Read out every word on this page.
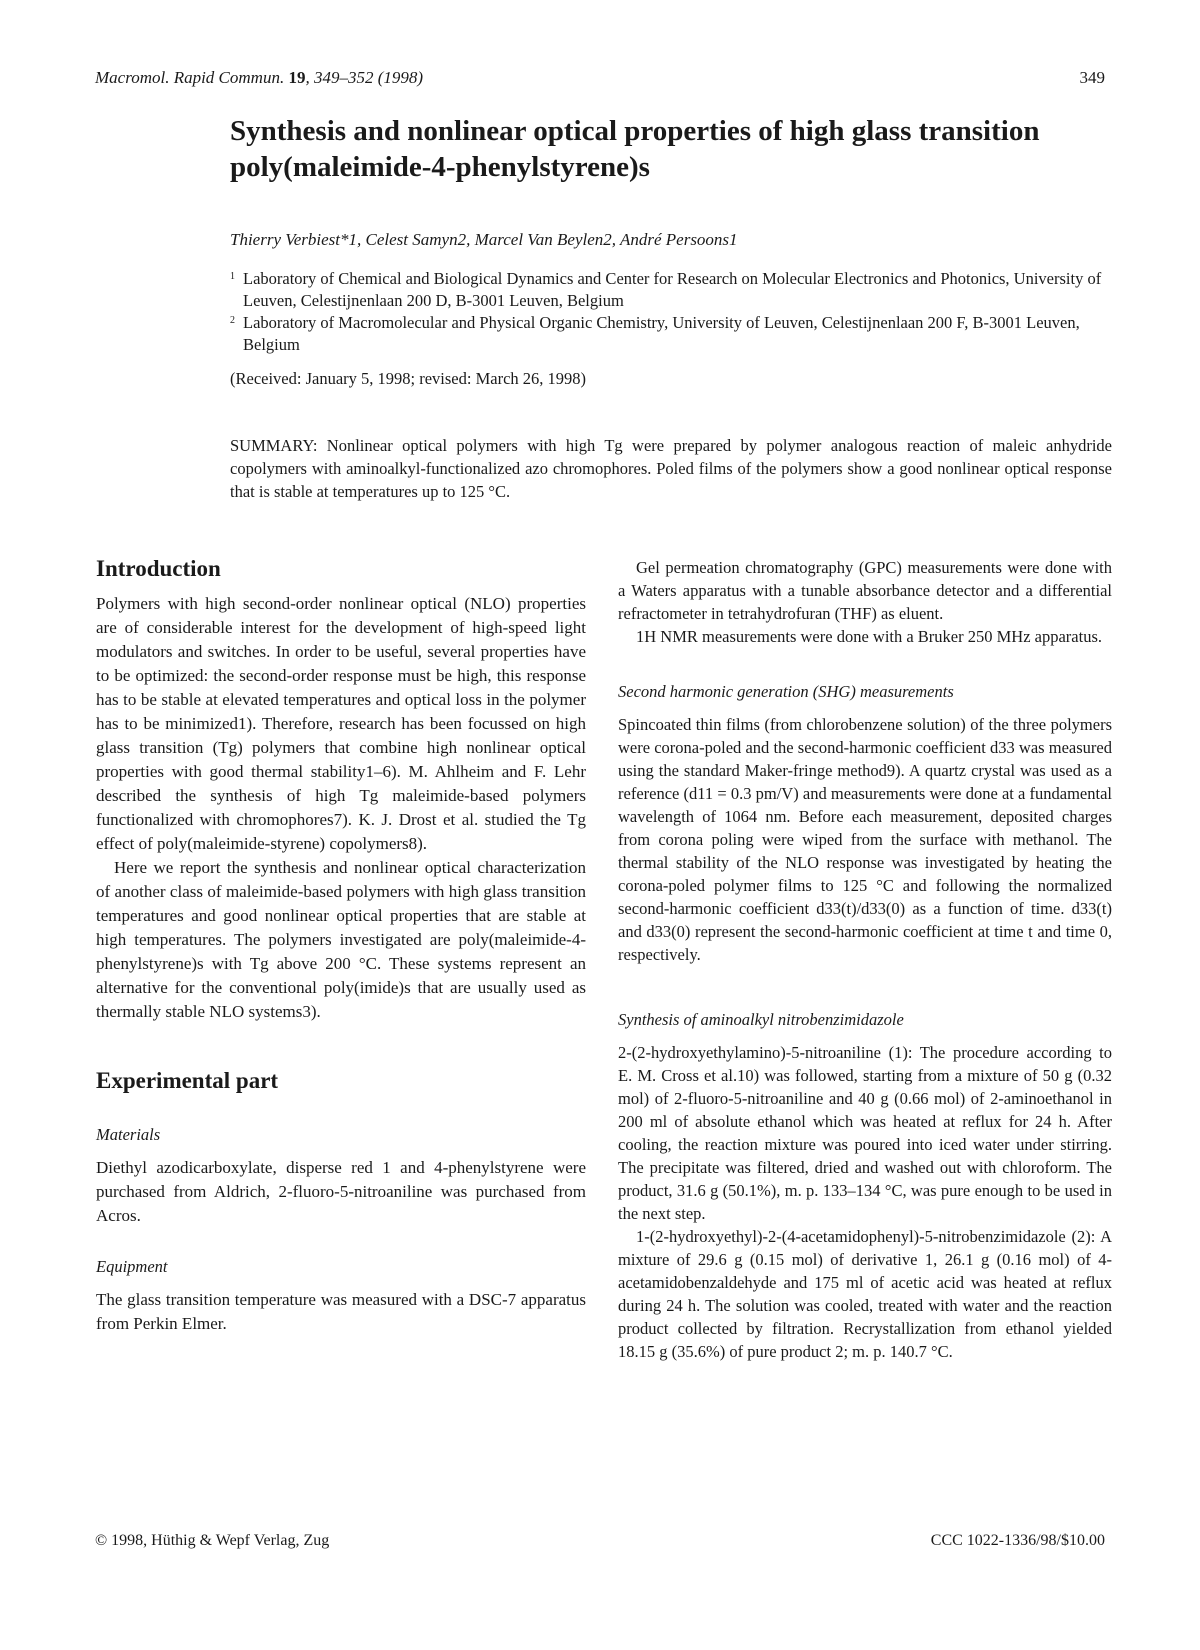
Macromol. Rapid Commun. 19, 349–352 (1998)	349
Synthesis and nonlinear optical properties of high glass transition poly(maleimide-4-phenylstyrene)s
Thierry Verbiest*1, Celest Samyn2, Marcel Van Beylen2, André Persoons1
1 Laboratory of Chemical and Biological Dynamics and Center for Research on Molecular Electronics and Photonics, University of Leuven, Celestijnenlaan 200 D, B-3001 Leuven, Belgium
2 Laboratory of Macromolecular and Physical Organic Chemistry, University of Leuven, Celestijnenlaan 200 F, B-3001 Leuven, Belgium
(Received: January 5, 1998; revised: March 26, 1998)
SUMMARY: Nonlinear optical polymers with high Tg were prepared by polymer analogous reaction of maleic anhydride copolymers with aminoalkyl-functionalized azo chromophores. Poled films of the polymers show a good nonlinear optical response that is stable at temperatures up to 125 °C.
Introduction

Polymers with high second-order nonlinear optical (NLO) properties are of considerable interest for the development of high-speed light modulators and switches. In order to be useful, several properties have to be optimized: the second-order response must be high, this response has to be stable at elevated temperatures and optical loss in the polymer has to be minimized1). Therefore, research has been focussed on high glass transition (Tg) polymers that combine high nonlinear optical properties with good thermal stability1–6). M. Ahlheim and F. Lehr described the synthesis of high Tg maleimide-based polymers functionalized with chromophores7). K. J. Drost et al. studied the Tg effect of poly(maleimide-styrene) copolymers8).

Here we report the synthesis and nonlinear optical characterization of another class of maleimide-based polymers with high glass transition temperatures and good nonlinear optical properties that are stable at high temperatures. The polymers investigated are poly(maleimide-4-phenylstyrene)s with Tg above 200 °C. These systems represent an alternative for the conventional poly(imide)s that are usually used as thermally stable NLO systems3).

Experimental part
Materials

Diethyl azodicarboxylate, disperse red 1 and 4-phenylstyrene were purchased from Aldrich, 2-fluoro-5-nitroaniline was purchased from Acros.

Equipment

The glass transition temperature was measured with a DSC-7 apparatus from Perkin Elmer.

Gel permeation chromatography (GPC) measurements were done with a Waters apparatus with a tunable absorbance detector and a differential refractometer in tetrahydrofuran (THF) as eluent.

1H NMR measurements were done with a Bruker 250 MHz apparatus.

Second harmonic generation (SHG) measurements

Spincoated thin films (from chlorobenzene solution) of the three polymers were corona-poled and the second-harmonic coefficient d33 was measured using the standard Maker-fringe method9). A quartz crystal was used as a reference (d11 = 0.3 pm/V) and measurements were done at a fundamental wavelength of 1064 nm. Before each measurement, deposited charges from corona poling were wiped from the surface with methanol. The thermal stability of the NLO response was investigated by heating the corona-poled polymer films to 125 °C and following the normalized second-harmonic coefficient d33(t)/d33(0) as a function of time. d33(t) and d33(0) represent the second-harmonic coefficient at time t and time 0, respectively.

Synthesis of aminoalkyl nitrobenzimidazole

2-(2-hydroxyethylamino)-5-nitroaniline (1): The procedure according to E. M. Cross et al.10) was followed, starting from a mixture of 50 g (0.32 mol) of 2-fluoro-5-nitroaniline and 40 g (0.66 mol) of 2-aminoethanol in 200 ml of absolute ethanol which was heated at reflux for 24 h. After cooling, the reaction mixture was poured into iced water under stirring. The precipitate was filtered, dried and washed out with chloroform. The product, 31.6 g (50.1%), m. p. 133–134 °C, was pure enough to be used in the next step.

1-(2-hydroxyethyl)-2-(4-acetamidophenyl)-5-nitrobenzimidazole (2): A mixture of 29.6 g (0.15 mol) of derivative 1, 26.1 g (0.16 mol) of 4-acetamidobenzaldehyde and 175 ml of acetic acid was heated at reflux during 24 h. The solution was cooled, treated with water and the reaction product collected by filtration. Recrystallization from ethanol yielded 18.15 g (35.6%) of pure product 2; m. p. 140.7 °C.

© 1998, Hüthig & Wepf Verlag, Zug	CCC 1022-1336/98/$10.00
